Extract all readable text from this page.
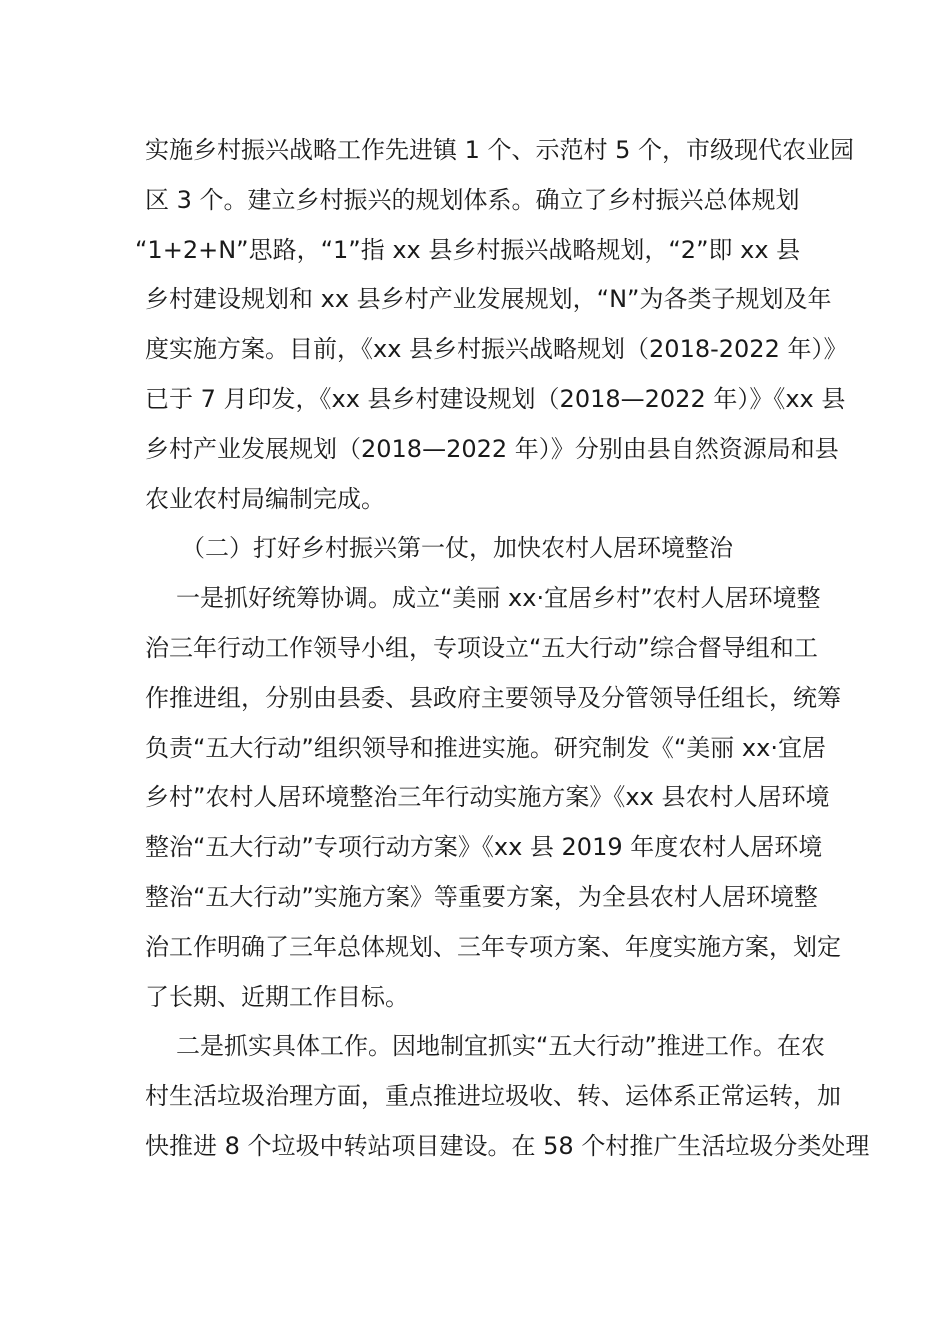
实施乡村振兴战略工作先进镇 1 个、示范村 5 个，市级现代农业园
区 3 个。建立乡村振兴的规划体系。确立了乡村振兴总体规划
“1+2+N”思路，“1”指 xx 县乡村振兴战略规划，“2”即 xx 县
乡村建设规划和 xx 县乡村产业发展规划，“N”为各类子规划及年
度实施方案。目前，《xx 县乡村振兴战略规划（2018-2022 年）》
已于 7 月印发，《xx 县乡村建设规划（2018—2022 年）》《xx 县
乡村产业发展规划（2018—2022 年）》分别由县自然资源局和县
农业农村局编制完成。
（二）打好乡村振兴第一仗，加快农村人居环境整治
一是抓好统筹协调。成立“美丽 xx·宜居乡村”农村人居环境整
治三年行动工作领导小组，专项设立“五大行动”综合督导组和工
作推进组，分别由县委、县政府主要领导及分管领导任组长，统筹
负责“五大行动”组织领导和推进实施。研究制发《“美丽 xx·宜居
乡村”农村人居环境整治三年行动实施方案》《xx 县农村人居环境
整治“五大行动”专项行动方案》《xx 县 2019 年度农村人居环境
整治“五大行动”实施方案》等重要方案，为全县农村人居环境整
治工作明确了三年总体规划、三年专项方案、年度实施方案，划定
了长期、近期工作目标。
二是抓实具体工作。因地制宜抓实“五大行动”推进工作。在农
村生活垃圾治理方面，重点推进垃圾收、转、运体系正常运转，加
快推进 8 个垃圾中转站项目建设。在 58 个村推广生活垃圾分类处理
